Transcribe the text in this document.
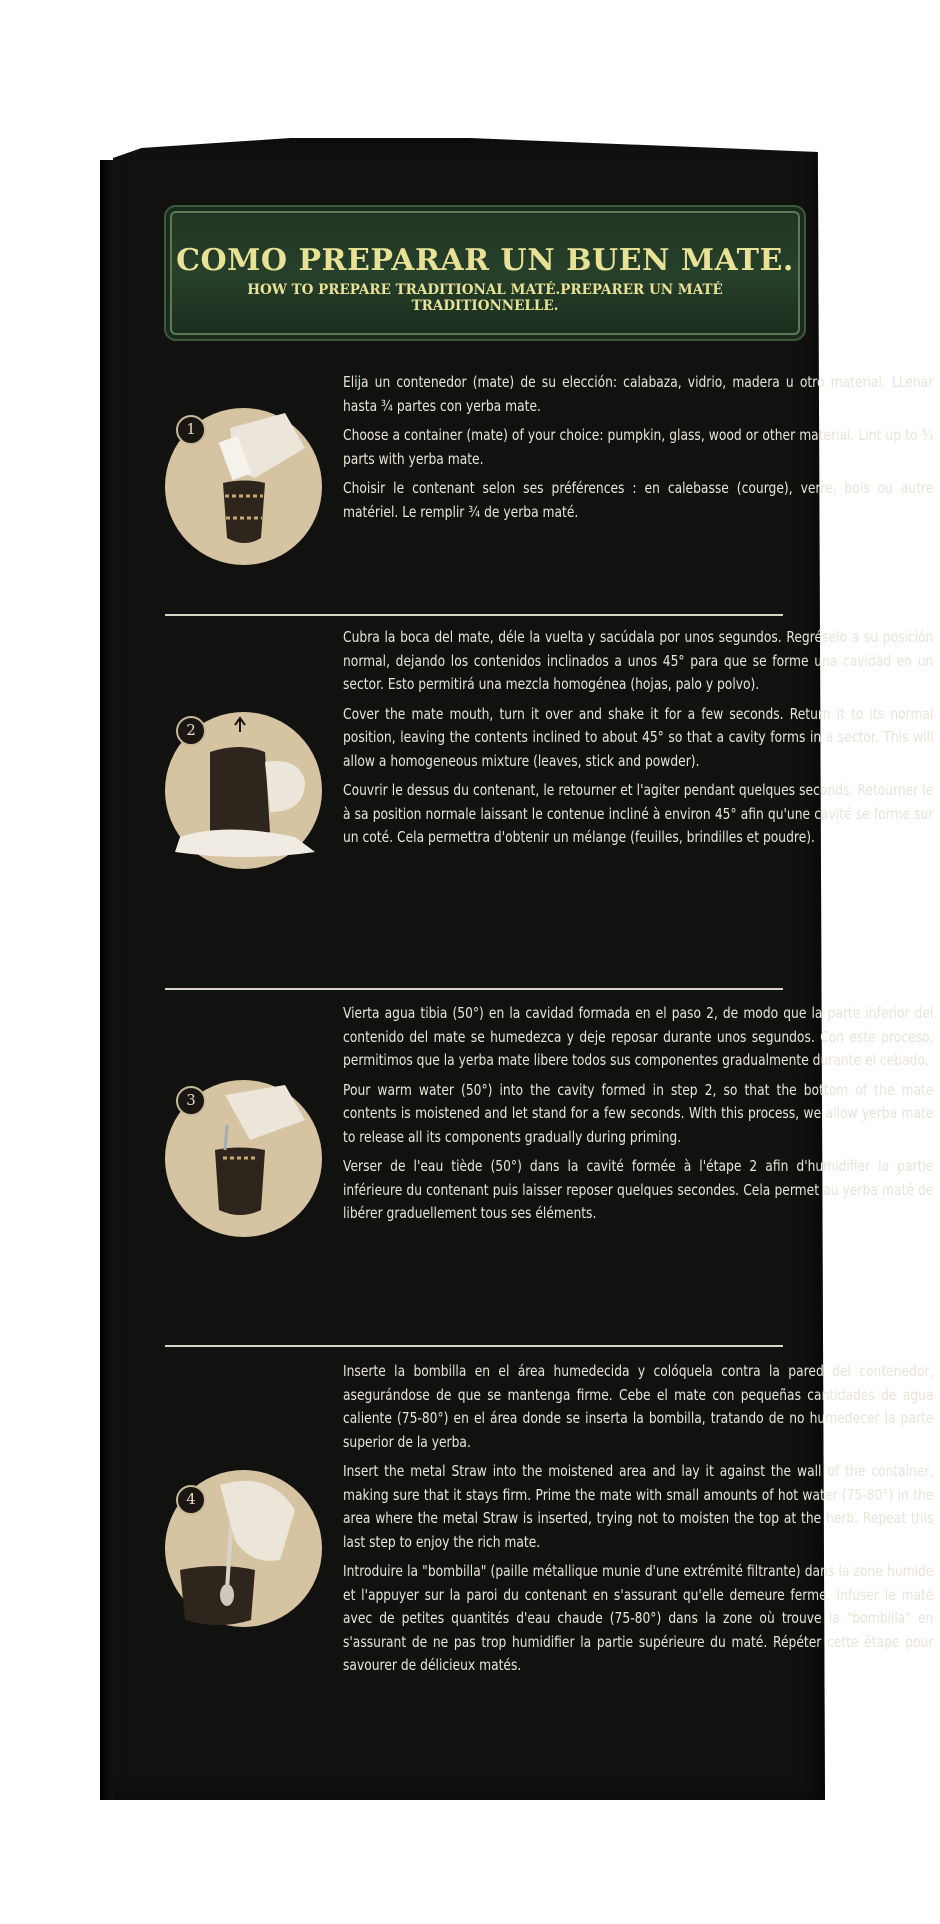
COMO PREPARAR UN BUEN MATE.
HOW TO PREPARE TRADITIONAL MATÉ.PREPARER UN MATÉ TRADITIONNELLE.
1

Elija un contenedor (mate) de su elección: calabaza, vidrio, madera u otro material. LLenar hasta ¾ partes con yerba mate.

Choose a container (mate) of your choice: pumpkin, glass, wood or other material. Lint up to ¾ parts with yerba mate.

Choisir le contenant selon ses préférences : en calebasse (courge), verre, bois ou autre matériel. Le remplir ¾ de yerba maté.

2

Cubra la boca del mate, déle la vuelta y sacúdala por unos segundos. Regréselo a su posición normal, dejando los contenidos inclinados a unos 45° para que se forme una cavidad en un sector. Esto permitirá una mezcla homogénea (hojas, palo y polvo).

Cover the mate mouth, turn it over and shake it for a few seconds. Return it to its normal position, leaving the contents inclined to about 45° so that a cavity forms in a sector. This will allow a homogeneous mixture (leaves, stick and powder).

Couvrir le dessus du contenant, le retourner et l'agiter pendant quelques seconds. Retourner le à sa position normale laissant le contenue incliné à environ 45° afin qu'une cavité se forme sur un coté. Cela permettra d'obtenir un mélange (feuilles, brindilles et poudre).

3

Vierta agua tibia (50°) en la cavidad formada en el paso 2, de modo que la parte inferior del contenido del mate se humedezca y deje reposar durante unos segundos. Con este proceso, permitimos que la yerba mate libere todos sus componentes gradualmente durante el cebado.

Pour warm water (50°) into the cavity formed in step 2, so that the bottom of the mate contents is moistened and let stand for a few seconds. With this process, we allow yerba mate to release all its components gradually during priming.

Verser de l'eau tiède (50°) dans la cavité formée à l'étape 2 afin d'humidifier la partie inférieure du contenant puis laisser reposer quelques secondes. Cela permet au yerba maté de libérer graduellement tous ses éléments.

4

Inserte la bombilla en el área humedecida y colóquela contra la pared del contenedor, asegurándose de que se mantenga firme. Cebe el mate con pequeñas cantidades de agua caliente (75-80°) en el área donde se inserta la bombilla, tratando de no humedecer la parte superior de la yerba.

Insert the metal Straw into the moistened area and lay it against the wall of the container, making sure that it stays firm. Prime the mate with small amounts of hot water (75-80°) in the area where the metal Straw is inserted, trying not to moisten the top at the herb. Repeat this last step to enjoy the rich mate.

Introduire la "bombilla" (paille métallique munie d'une extrémité filtrante) dans la zone humide et l'appuyer sur la paroi du contenant en s'assurant qu'elle demeure ferme. Infuser le maté avec de petites quantités d'eau chaude (75-80°) dans la zone où trouve la "bombilla" en s'assurant de ne pas trop humidifier la partie supérieure du maté. Répéter cette étape pour savourer de délicieux matés.
